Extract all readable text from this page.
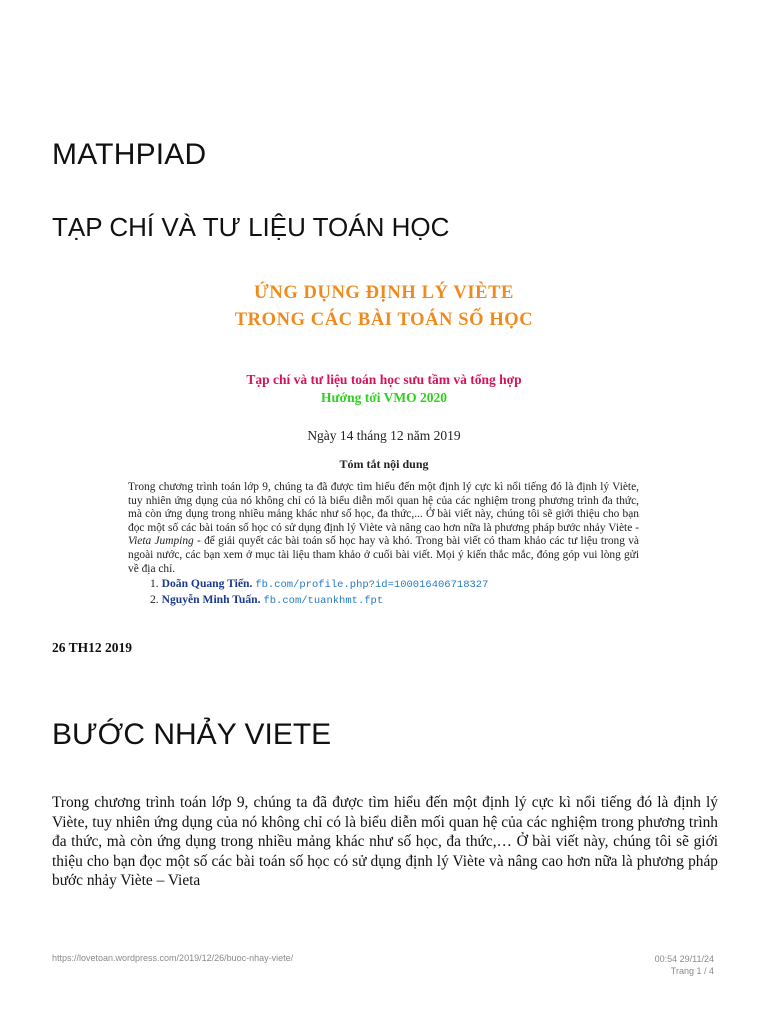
MATHPIAD
TẠP CHÍ VÀ TƯ LIỆU TOÁN HỌC
ỨNG DỤNG ĐỊNH LÝ VIÈTE
TRONG CÁC BÀI TOÁN SỐ HỌC
Tạp chí và tư liệu toán học sưu tầm và tổng hợp
Hướng tới VMO 2020
Ngày 14 tháng 12 năm 2019
Tóm tắt nội dung
Trong chương trình toán lớp 9, chúng ta đã được tìm hiểu đến một định lý cực kì nổi tiếng đó là định lý Viète, tuy nhiên ứng dụng của nó không chỉ có là biểu diễn mối quan hệ của các nghiệm trong phương trình đa thức, mà còn ứng dụng trong nhiều mảng khác như số học, đa thức,... Ở bài viết này, chúng tôi sẽ giới thiệu cho bạn đọc một số các bài toán số học có sử dụng định lý Viète và nâng cao hơn nữa là phương pháp bước nhảy Viète - Vieta Jumping - để giải quyết các bài toán số học hay và khó. Trong bài viết có tham khảo các tư liệu trong và ngoài nước, các bạn xem ở mục tài liệu tham khảo ở cuối bài viết. Mọi ý kiến thắc mắc, đóng góp vui lòng gửi về địa chỉ.
1. Doãn Quang Tiến. fb.com/profile.php?id=100016406718327
2. Nguyễn Minh Tuấn. fb.com/tuankhmt.fpt
26 TH12 2019
BƯỚC NHẢY VIETE

Trong chương trình toán lớp 9, chúng ta đã được tìm hiểu đến một định lý cực kì nổi tiếng đó là định lý Viète, tuy nhiên ứng dụng của nó không chỉ có là biểu diễn mối quan hệ của các nghiệm trong phương trình đa thức, mà còn ứng dụng trong nhiều mảng khác như số học, đa thức,… Ở bài viết này, chúng tôi sẽ giới thiệu cho bạn đọc một số các bài toán số học có sử dụng định lý Viète và nâng cao hơn nữa là phương pháp bước nhảy Viète – Vieta

https://lovetoan.wordpress.com/2019/12/26/buoc-nhay-viete/	00:54 29/11/24
Trang 1 / 4
